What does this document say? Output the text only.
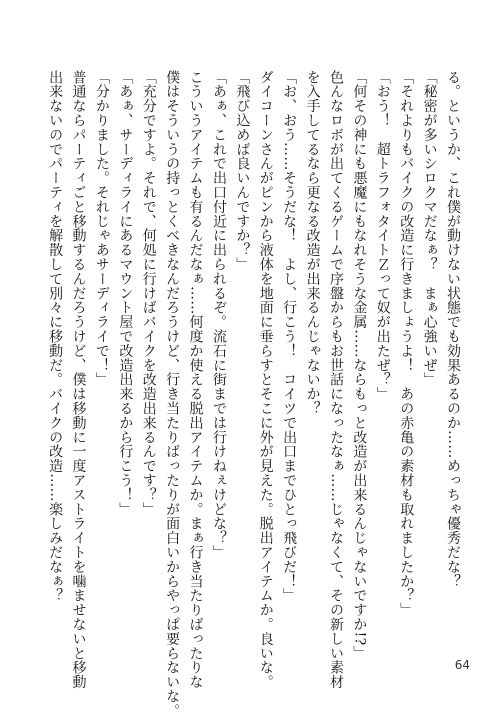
る。というか、これ僕が動けない状態でも効果あるのか……めっちゃ優秀だな？
「秘密が多いシロクマだなぁ？　まぁ心強いぜ」
「それよりもバイクの改造に行きましょうよ！　あの赤亀の素材も取れましたか？」
「おう！　超トラフォタイトＺって奴が出たぜ？」
「何その神にも悪魔にもなれそうな金属……ならもっと改造が出来るんじゃないですか!?」
色んなロボが出てくるゲームで序盤からもお世話になったなぁ……じゃなくて、その新しい素材
を入手してるなら更なる改造が出来るんじゃないか？
「お、おう……そうだな！　よし、行こう！　コイツで出口までひとっ飛びだ！」
ダイコーンさんがピンから液体を地面に垂らすとそこに外が見えた。脱出アイテムか。良いな。
「飛び込めば良いんですか？」
「あぁ、これで出口付近に出られるぞ。流石に街までは行けねぇけどな？」
こういうアイテムも有るんだなぁ……何度か使える脱出アイテムか。まぁ行き当たりばったりな
僕はそういうの持っとくべきなんだろうけど、行き当たりばったりが面白いからやっぱ要らないな。
「充分ですよ。それで、何処に行けばバイクを改造出来るんです？」
「あぁ、サーディライにあるマウント屋で改造出来るから行こう！」
「分かりました。それじゃあサーディライで！」
普通ならパーティごと移動するんだろうけど、僕は移動に一度アストライトを噛ませないと移動
出来ないのでパーティを解散して別々に移動だ。バイクの改造……楽しみだなぁ？
64
